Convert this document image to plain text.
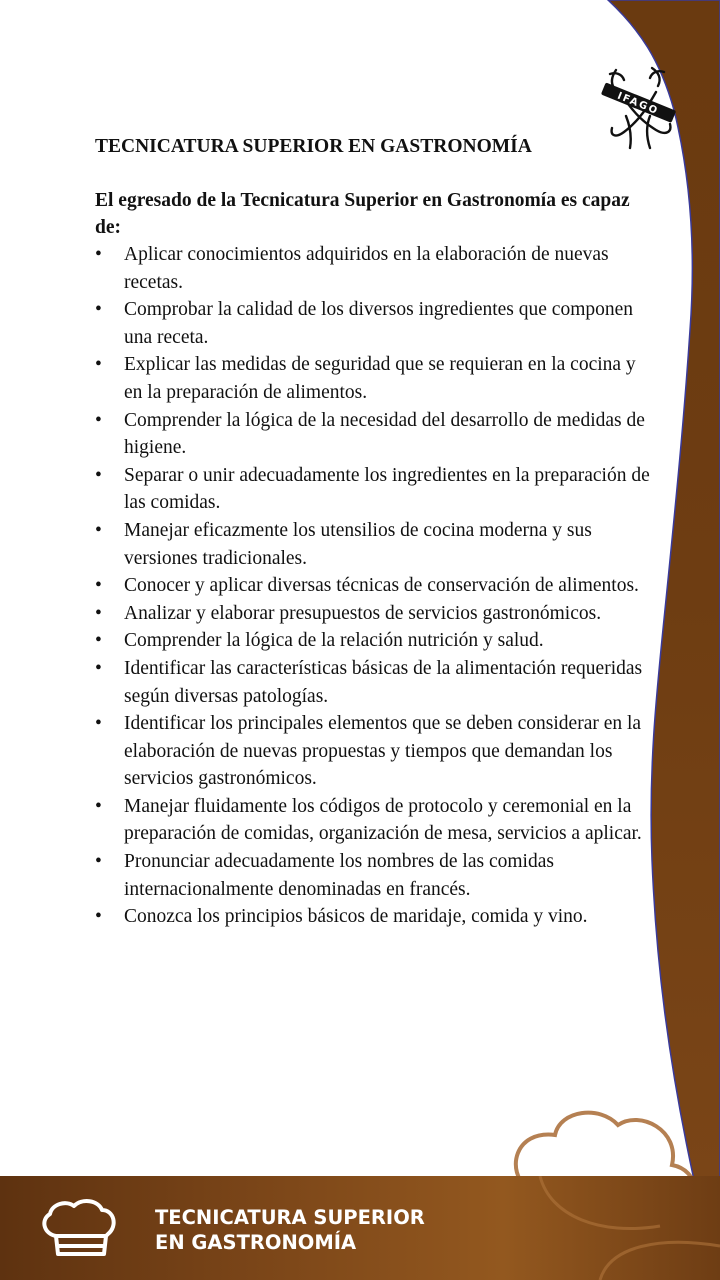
IFAGO
TECNICATURA SUPERIOR EN GASTRONOMÍA

El egresado de la Tecnicatura Superior en Gastronomía es capaz de:

• Aplicar conocimientos adquiridos en la elaboración de nuevas recetas.
• Comprobar la calidad de los diversos ingredientes que componen una receta.
• Explicar las medidas de seguridad que se requieran en la cocina y en la preparación de alimentos.
• Comprender la lógica de la necesidad del desarrollo de medidas de higiene.
• Separar o unir adecuadamente los ingredientes en la preparación de las comidas.
• Manejar eficazmente los utensilios de cocina moderna y sus versiones tradicionales.
• Conocer y aplicar diversas técnicas de conservación de alimentos.
• Analizar y elaborar presupuestos de servicios gastronómicos.
• Comprender la lógica de la relación nutrición y salud.
• Identificar las características básicas de la alimentación requeridas según diversas patologías.
• Identificar los principales elementos que se deben considerar en la elaboración de nuevas propuestas y tiempos que demandan los servicios gastronómicos.
• Manejar fluidamente los códigos de protocolo y ceremonial en la preparación de comidas, organización de mesa, servicios a aplicar.
• Pronunciar adecuadamente los nombres de las comidas internacionalmente denominadas en francés.
• Conozca los principios básicos de maridaje, comida y vino.
TECNICATURA SUPERIOR
EN GASTRONOMÍA
